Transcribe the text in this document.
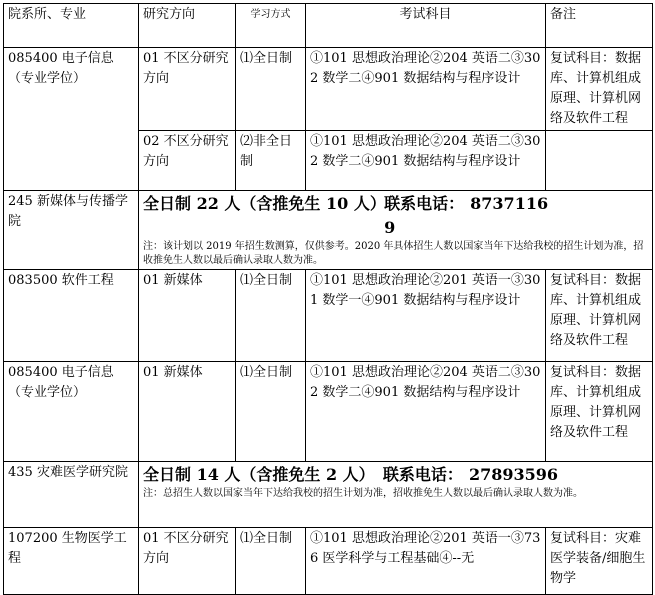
院系所、专业	研究方向	学习方式	考试科目	备注
085400 电子信息（专业学位）	01 不区分研究方向	⑴全日制	①101 思想政治理论②204 英语二③302 数学二④901 数据结构与程序设计	复试科目：数据库、计算机组成原理、计算机网络及软件工程
	02 不区分研究方向	⑵非全日制	①101 思想政治理论②204 英语二③302 数学二④901 数据结构与程序设计	
245 新媒体与传播学院	全日制 22 人（含推免生 10 人）
联系电话： 87371169
注：该计划以 2019 年招生数测算，仅供参考。2020 年具体招生人数以国家当年下达给我校的招生计划为准，招收推免生人数以最后确认录取人数为准。			

083500 软件工程	01 新媒体	⑴全日制	①101 思想政治理论②201 英语一③301 数学一④901 数据结构与程序设计	复试科目：数据库、计算机组成原理、计算机网络及软件工程
085400 电子信息（专业学位）	01 新媒体	⑴全日制	①101 思想政治理论②204 英语二③302 数学二④901 数据结构与程序设计	复试科目：数据库、计算机组成原理、计算机网络及软件工程
435 灾难医学研究院	全日制 14 人（含推免生 2 人） 联系电话： 27893596
注：总招生人数以国家当年下达给我校的招生计划为准，招收推免生人数以最后确认录取人数为准。			

107200 生物医学工程	01 不区分研究方向	⑴全日制	①101 思想政治理论②201 英语一③736 医学科学与工程基础④--无	复试科目：灾难医学装备/细胞生物学
